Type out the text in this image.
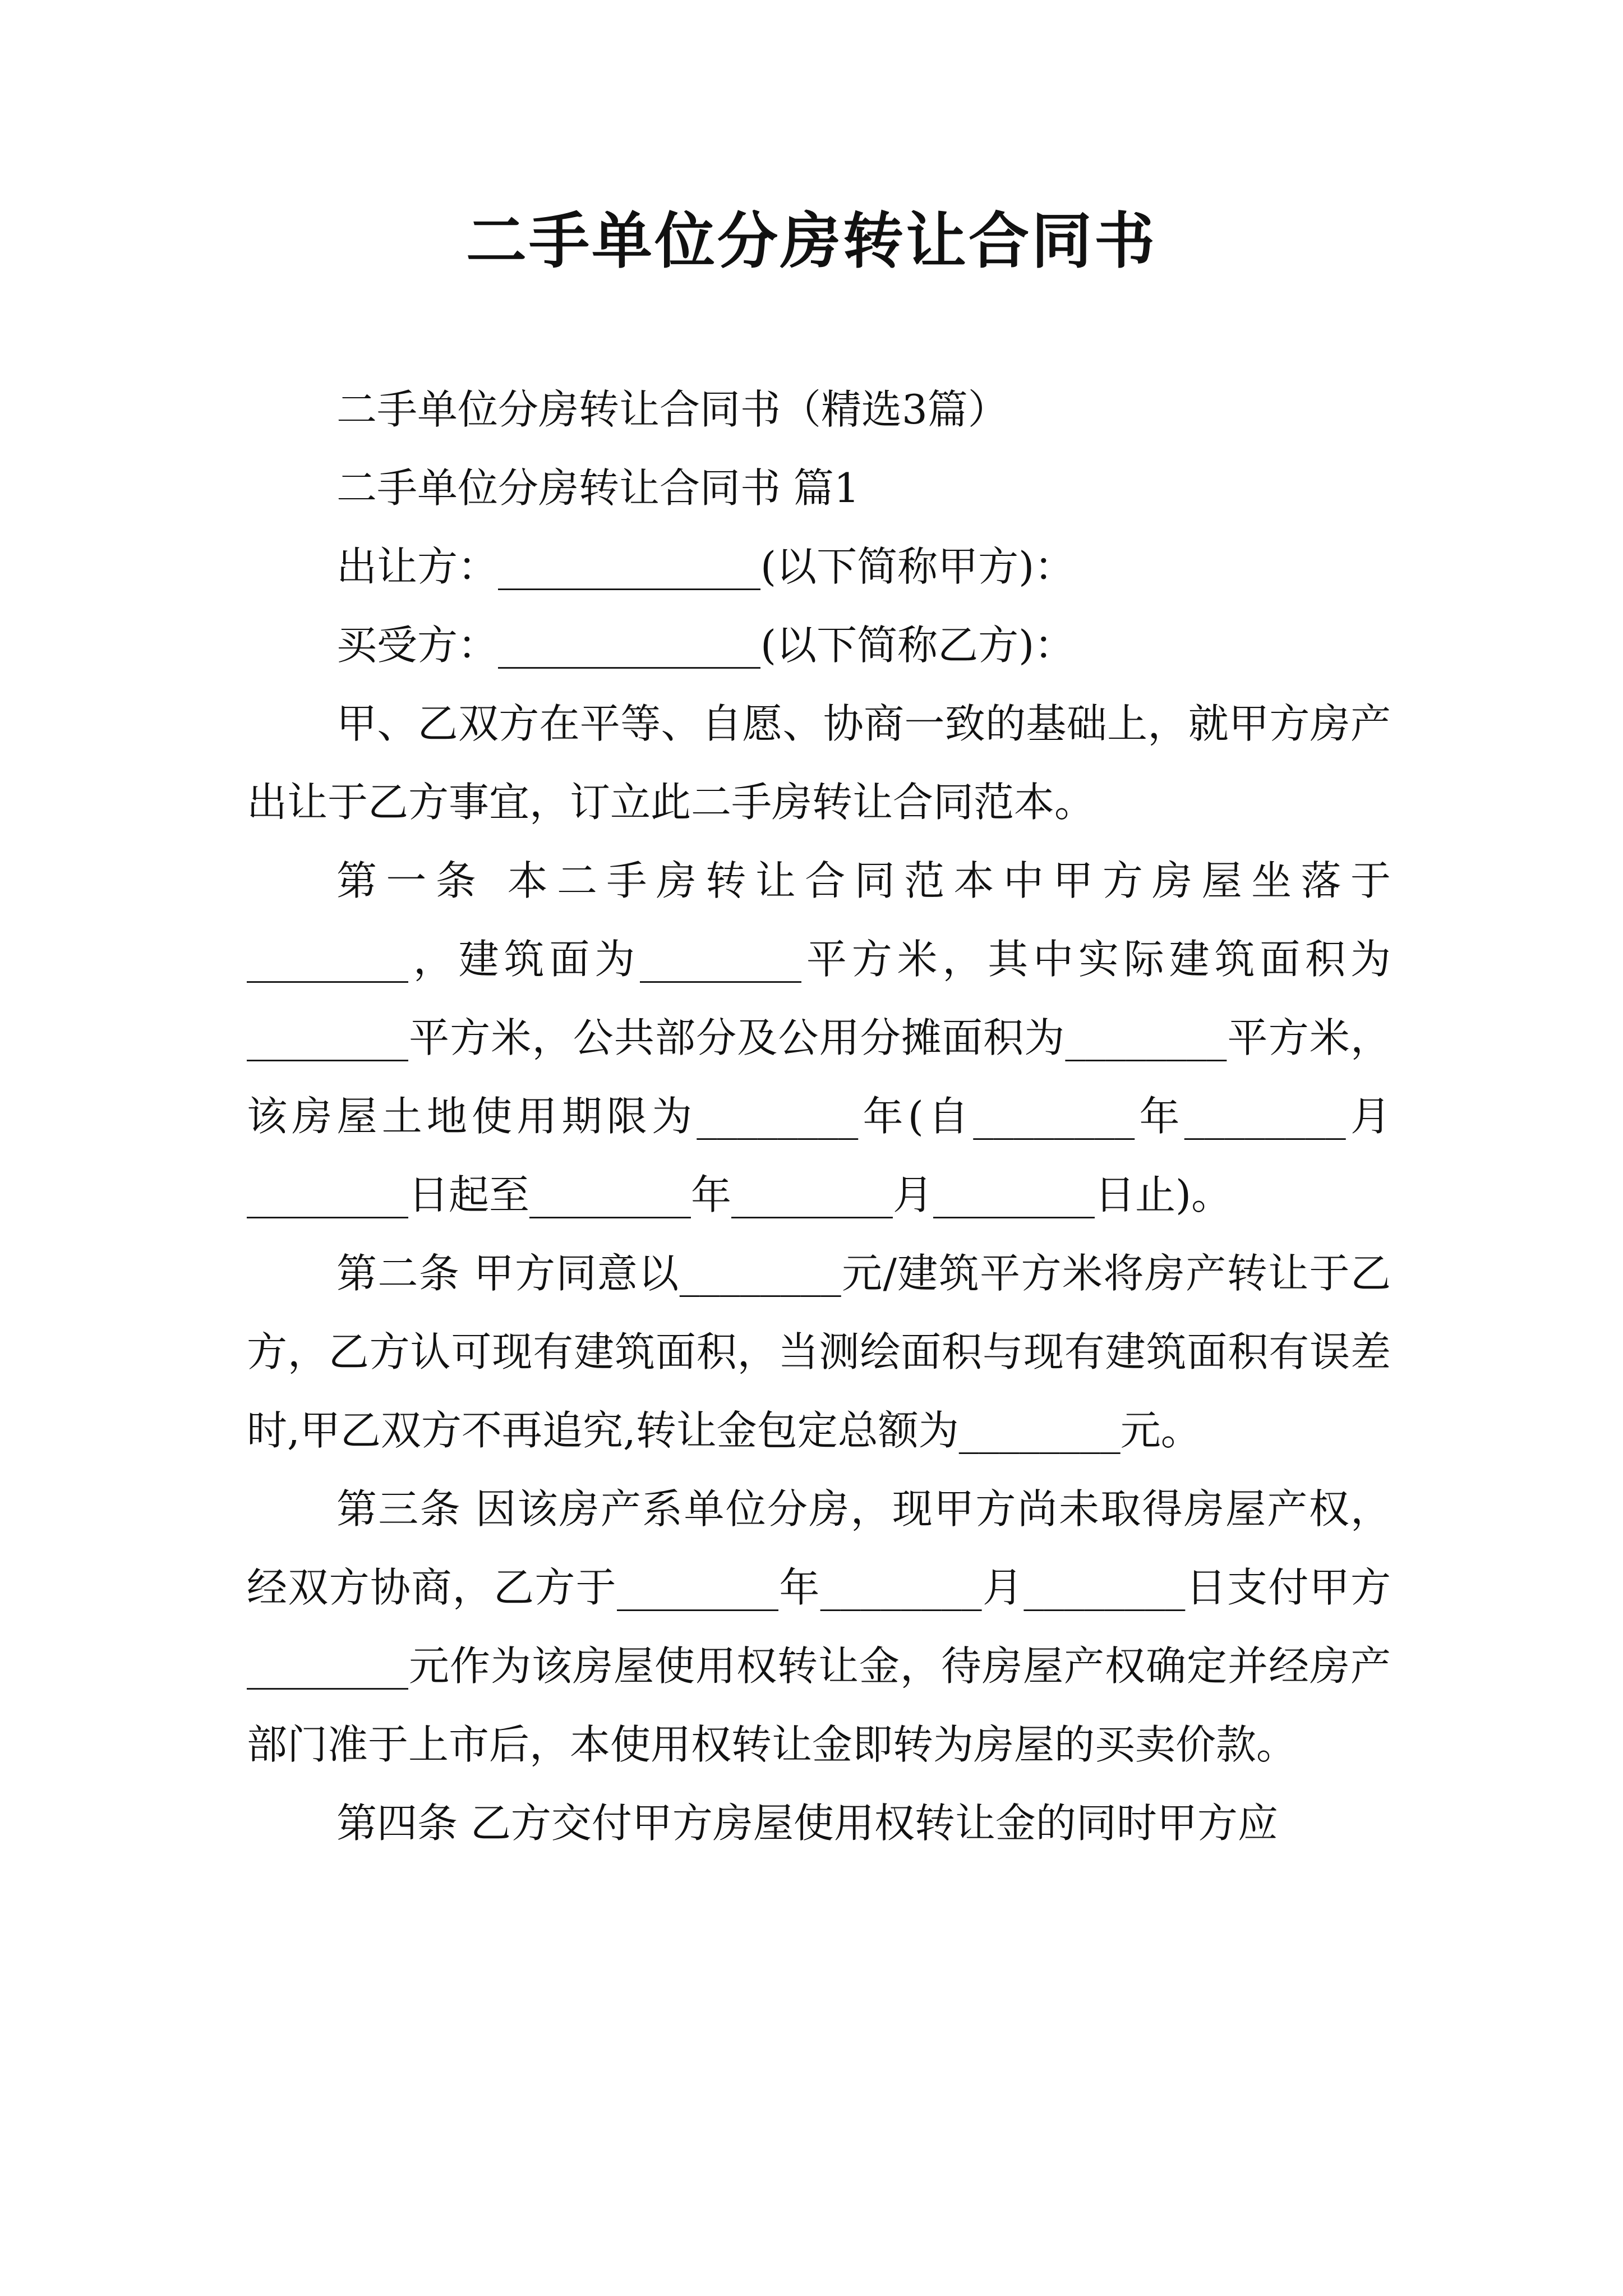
二手单位分房转让合同书

二手单位分房转让合同书（精选3篇）

二手单位分房转让合同书 篇1

出让方：_____________(以下简称甲方)：

买受方：_____________(以下简称乙方)：

甲、乙双方在平等、自愿、协商一致的基础上，就甲方房产出让于乙方事宜，订立此二手房转让合同范本。

第一条 本二手房转让合同范本中甲方房屋坐落于________，建筑面为________平方米，其中实际建筑面积为________平方米，公共部分及公用分摊面积为________平方米，该房屋土地使用期限为________年(自________年________月________日起至________年________月________日止)。

第二条 甲方同意以________元/建筑平方米将房产转让于乙方，乙方认可现有建筑面积，当测绘面积与现有建筑面积有误差时,甲乙双方不再追究,转让金包定总额为________元。

第三条 因该房产系单位分房，现甲方尚未取得房屋产权，经双方协商，乙方于________年________月________日支付甲方________元作为该房屋使用权转让金，待房屋产权确定并经房产部门准于上市后，本使用权转让金即转为房屋的买卖价款。

第四条 乙方交付甲方房屋使用权转让金的同时甲方应
